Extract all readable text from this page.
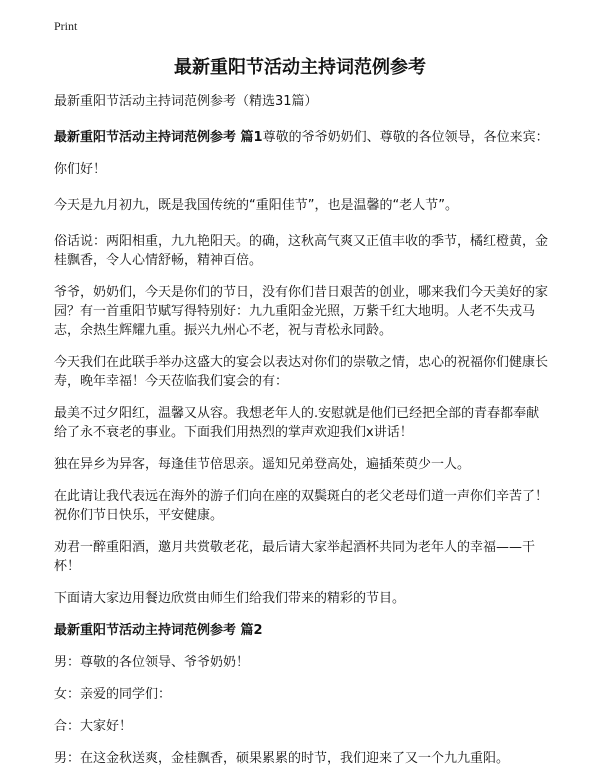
Print
最新重阳节活动主持词范例参考

最新重阳节活动主持词范例参考（精选31篇）

最新重阳节活动主持词范例参考 篇1尊敬的爷爷奶奶们、尊敬的各位领导，各位来宾：

你们好！

今天是九月初九，既是我国传统的“重阳佳节”，也是温馨的“老人节”。

俗话说：两阳相重，九九艳阳天。的确，这秋高气爽又正值丰收的季节，橘红橙黄，金桂飘香，令人心情舒畅，精神百倍。

爷爷，奶奶们，今天是你们的节日，没有你们昔日艰苦的创业，哪来我们今天美好的家园？有一首重阳节赋写得特别好：九九重阳金光照，万紫千红大地明。人老不失戎马志，余热生辉耀九重。振兴九州心不老，祝与青松永同龄。

今天我们在此联手举办这盛大的宴会以表达对你们的崇敬之情，忠心的祝福你们健康长寿，晚年幸福！今天莅临我们宴会的有：

最美不过夕阳红，温馨又从容。我想老年人的.安慰就是他们已经把全部的青春都奉献给了永不衰老的事业。下面我们用热烈的掌声欢迎我们x讲话！

独在异乡为异客，每逢佳节倍思亲。遥知兄弟登高处，遍插茱萸少一人。

在此请让我代表远在海外的游子们向在座的双鬓斑白的老父老母们道一声你们辛苦了！祝你们节日快乐，平安健康。

劝君一醉重阳酒，邀月共赏敬老花，最后请大家举起酒杯共同为老年人的幸福——干杯！

下面请大家边用餐边欣赏由师生们给我们带来的精彩的节目。

最新重阳节活动主持词范例参考 篇2

男：尊敬的各位领导、爷爷奶奶！

女：亲爱的同学们：

合：大家好！

男：在这金秋送爽，金桂飘香，硕果累累的时节，我们迎来了又一个九九重阳。
